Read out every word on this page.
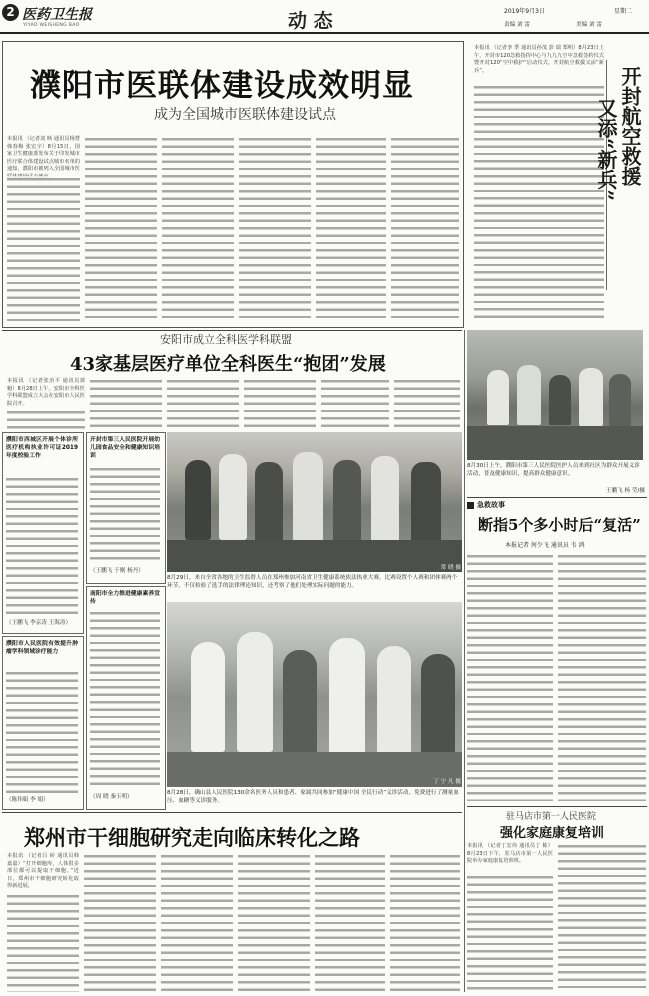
2 医药卫生报
YIYAO WEISHENG BAO	动 态	2019年9月3日	星期二
责编 刘 雷	美编 刘 雷
濮阳市医联体建设成效明显
成为全国城市医联体建设试点
本报讯 （记者刘 旸 通讯员杨慧 韩春梅 张宏宇）8月15日，国家卫生健康委发布关于印发城市医疗联合体建设试点城市名单的通知，濮阳市被列入全国城市医
本报讯 （记者李 季 通讯员孙茂 彭 瑞 郑明）8月23日上午，开封市120急救指挥中心与九九九空中急救签约仪式暨开封120“空中救护”启动仪式，开封航空救援又添“新兵”。	开封航空救援
又添“新兵”
安阳市成立全科医学科联盟
43家基层医疗单位全科医生“抱团”发展
本报讯 （记者张治平 通讯员郭 魁）8月28日上午，安阳市全科医学科联盟成立大会在安阳市人民医院召开。
8月30日上午，濮阳市第三人民医院医护人员来到社区为群众开展义诊活动，普及健康知识，提高群众健康意识。
王鹏飞 杨 莹/摄
濮阳市西城区开展个体诊所医疗机构执业许可证2019年度校验工作
（王鹏飞 李京涛 王海涛）
濮阳市人民医院有效提升肿瘤学科领域诊疗能力
（陈伟娟 李 娟）
开封市第三人民医院开展幼儿园食品安全和健康知识培训
（王鹏飞 于刚 杨丹）
南阳市全力推进健康素养宣传
（周 晓 秦玉明）
8月29日，来自全省各地的卫生监督人员在郑州参加河南省卫生健康系统依法执业大赛，比赛设置个人赛和团体赛两个环节，不仅检验了选手的法律理论知识，还考察了他们处理实际问题的能力。
常 晓 摄
8月28日，确山县人民医院130余名医务人员和患者、家属共同参加“健康中国 全民行动”义诊活动，免费进行了测量血压、血糖等义诊服务。
丁 宁 凡 摄
急救故事
断指5个多小时后“复活”
本报记者 何少飞 通讯员 韦 鸿
驻马店市第一人民医院
强化家庭康复培训
本报讯 （记者丁宏伟 通讯员丁 栋）8月23日下午，驻马店市第一人民医院举办家庭康复培训班。
郑州市干细胞研究走向临床转化之路
本报讯 （记者吕 砖 通讯员韩嘉嘉）“打开细胞库，人体很多部位都可以提取干细胞。”近日，郑州市干细胞研究转化取得新进展。
